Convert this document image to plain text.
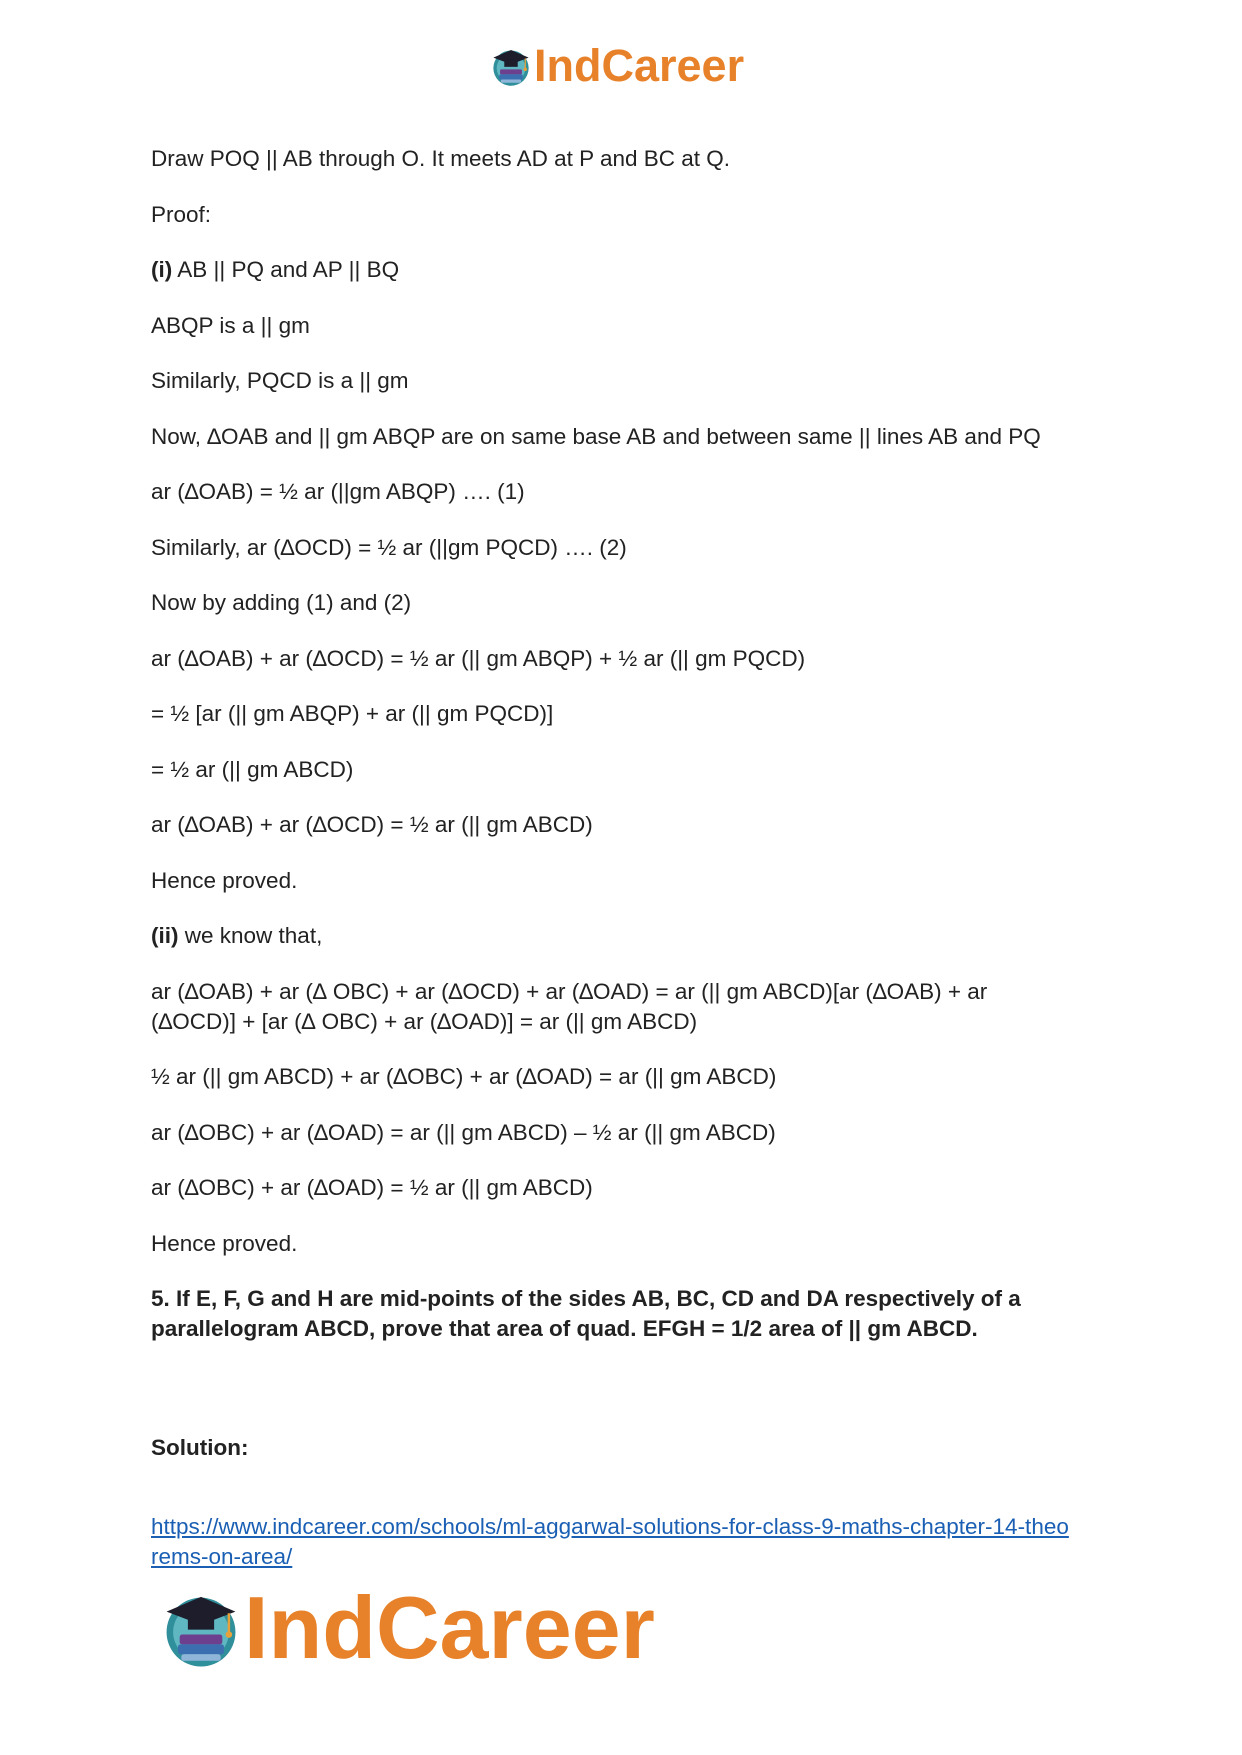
IndCareer

Draw POQ || AB through O. It meets AD at P and BC at Q.

Proof:

(i) AB || PQ and AP || BQ

ABQP is a || gm

Similarly, PQCD is a || gm

Now, ∆OAB and || gm ABQP are on same base AB and between same || lines AB and PQ

ar (∆OAB) = ½ ar (||gm ABQP) …. (1)

Similarly, ar (∆OCD) = ½ ar (||gm PQCD) …. (2)

Now by adding (1) and (2)

ar (∆OAB) + ar (∆OCD) = ½ ar (|| gm ABQP) + ½ ar (|| gm PQCD)

= ½ [ar (|| gm ABQP) + ar (|| gm PQCD)]

= ½ ar (|| gm ABCD)

ar (∆OAB) + ar (∆OCD) = ½ ar (|| gm ABCD)

Hence proved.

(ii) we know that,

ar (∆OAB) + ar (∆ OBC) + ar (∆OCD) + ar (∆OAD) = ar (|| gm ABCD)[ar (∆OAB) + ar
(∆OCD)] + [ar (∆ OBC) + ar (∆OAD)] = ar (|| gm ABCD)

½ ar (|| gm ABCD) + ar (∆OBC) + ar (∆OAD) = ar (|| gm ABCD)

ar (∆OBC) + ar (∆OAD) = ar (|| gm ABCD) – ½ ar (|| gm ABCD)

ar (∆OBC) + ar (∆OAD) = ½ ar (|| gm ABCD)

Hence proved.

5. If E, F, G and H are mid-points of the sides AB, BC, CD and DA respectively of a
parallelogram ABCD, prove that area of quad. EFGH = 1/2 area of || gm ABCD.

Solution:
https://www.indcareer.com/schools/ml-aggarwal-solutions-for-class-9-maths-chapter-14-theo
rems-on-area/
IndCareer
